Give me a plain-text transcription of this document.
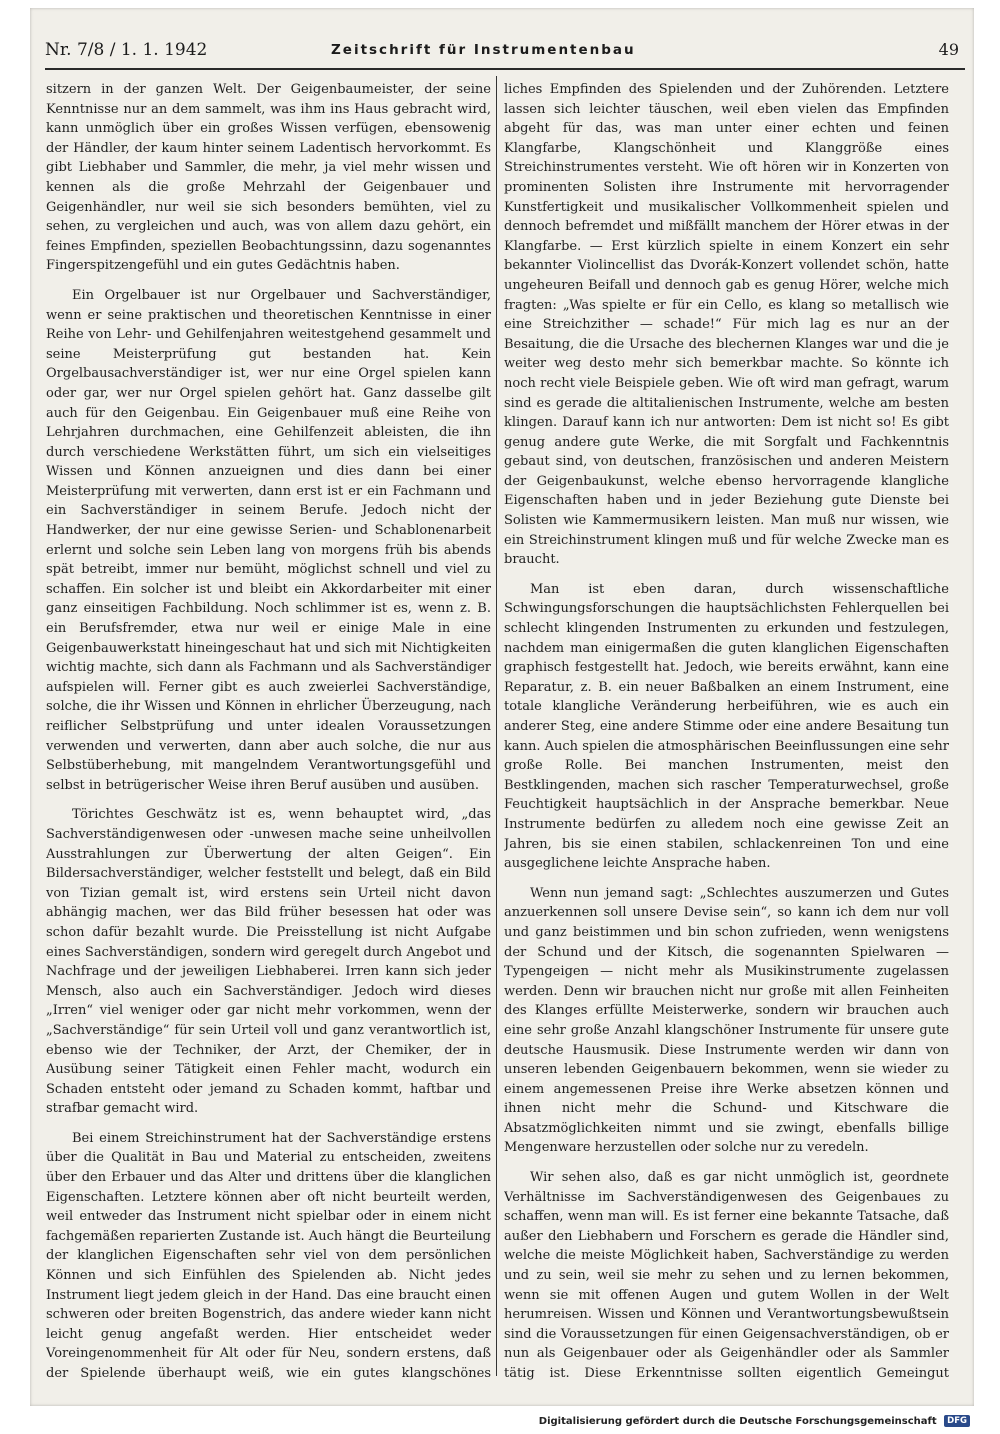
Nr. 7/8 / 1. 1. 1942	Zeitschrift für Instrumentenbau	49

sitzern in der ganzen Welt. Der Geigenbaumeister, der seine Kenntnisse nur an dem sammelt, was ihm ins Haus gebracht wird, kann unmöglich über ein großes Wissen verfügen, ebensowenig der Händler, der kaum hinter seinem Ladentisch hervorkommt. Es gibt Liebhaber und Sammler, die mehr, ja viel mehr wissen und kennen als die große Mehrzahl der Geigenbauer und Geigenhändler, nur weil sie sich besonders bemühten, viel zu sehen, zu vergleichen und auch, was von allem dazu gehört, ein feines Empfinden, speziellen Beobachtungssinn, dazu sogenanntes Fingerspitzengefühl und ein gutes Gedächtnis haben.

Ein Orgelbauer ist nur Orgelbauer und Sachverständiger, wenn er seine praktischen und theoretischen Kenntnisse in einer Reihe von Lehr- und Gehilfenjahren weitestgehend gesammelt und seine Meisterprüfung gut bestanden hat. Kein Orgelbausachverständiger ist, wer nur eine Orgel spielen kann oder gar, wer nur Orgel spielen gehört hat. Ganz dasselbe gilt auch für den Geigenbau. Ein Geigenbauer muß eine Reihe von Lehrjahren durchmachen, eine Gehilfenzeit ableisten, die ihn durch verschiedene Werkstätten führt, um sich ein vielseitiges Wissen und Können anzueignen und dies dann bei einer Meisterprüfung mit verwerten, dann erst ist er ein Fachmann und ein Sachverständiger in seinem Berufe. Jedoch nicht der Handwerker, der nur eine gewisse Serien- und Schablonenarbeit erlernt und solche sein Leben lang von morgens früh bis abends spät betreibt, immer nur bemüht, möglichst schnell und viel zu schaffen. Ein solcher ist und bleibt ein Akkordarbeiter mit einer ganz einseitigen Fachbildung. Noch schlimmer ist es, wenn z. B. ein Berufsfremder, etwa nur weil er einige Male in eine Geigenbauwerkstatt hineingeschaut hat und sich mit Nichtigkeiten wichtig machte, sich dann als Fachmann und als Sachverständiger aufspielen will. Ferner gibt es auch zweierlei Sachverständige, solche, die ihr Wissen und Können in ehrlicher Überzeugung, nach reiflicher Selbstprüfung und unter idealen Voraussetzungen verwenden und verwerten, dann aber auch solche, die nur aus Selbstüberhebung, mit mangelndem Verantwortungsgefühl und selbst in betrügerischer Weise ihren Beruf ausüben und ausüben.

Törichtes Geschwätz ist es, wenn behauptet wird, „das Sachverständigenwesen oder -unwesen mache seine unheilvollen Ausstrahlungen zur Überwertung der alten Geigen“. Ein Bildersachverständiger, welcher feststellt und belegt, daß ein Bild von Tizian gemalt ist, wird erstens sein Urteil nicht davon abhängig machen, wer das Bild früher besessen hat oder was schon dafür bezahlt wurde. Die Preisstellung ist nicht Aufgabe eines Sachverständigen, sondern wird geregelt durch Angebot und Nachfrage und der jeweiligen Liebhaberei. Irren kann sich jeder Mensch, also auch ein Sachverständiger. Jedoch wird dieses „Irren“ viel weniger oder gar nicht mehr vorkommen, wenn der „Sachverständige“ für sein Urteil voll und ganz verantwortlich ist, ebenso wie der Techniker, der Arzt, der Chemiker, der in Ausübung seiner Tätigkeit einen Fehler macht, wodurch ein Schaden entsteht oder jemand zu Schaden kommt, haftbar und strafbar gemacht wird.

Bei einem Streichinstrument hat der Sachverständige erstens über die Qualität in Bau und Material zu entscheiden, zweitens über den Erbauer und das Alter und drittens über die klanglichen Eigenschaften. Letztere können aber oft nicht beurteilt werden, weil entweder das Instrument nicht spielbar oder in einem nicht fachgemäßen reparierten Zustande ist. Auch hängt die Beurteilung der klanglichen Eigenschaften sehr viel von dem persönlichen Können und sich Einfühlen des Spielenden ab. Nicht jedes Instrument liegt jedem gleich in der Hand. Das eine braucht einen schweren oder breiten Bogenstrich, das andere wieder kann nicht leicht genug angefaßt werden. Hier entscheidet weder Voreingenommenheit für Alt oder für Neu, sondern erstens, daß der Spielende überhaupt weiß, wie ein gutes klangschönes

liches Empfinden des Spielenden und der Zuhörenden. Letztere lassen sich leichter täuschen, weil eben vielen das Empfinden abgeht für das, was man unter einer echten und feinen Klangfarbe, Klangschönheit und Klanggröße eines Streichinstrumentes versteht. Wie oft hören wir in Konzerten von prominenten Solisten ihre Instrumente mit hervorragender Kunstfertigkeit und musikalischer Vollkommenheit spielen und dennoch befremdet und mißfällt manchem der Hörer etwas in der Klangfarbe. — Erst kürzlich spielte in einem Konzert ein sehr bekannter Violincellist das Dvorák-Konzert vollendet schön, hatte ungeheuren Beifall und dennoch gab es genug Hörer, welche mich fragten: „Was spielte er für ein Cello, es klang so metallisch wie eine Streichzither — schade!“ Für mich lag es nur an der Besaitung, die die Ursache des blechernen Klanges war und die je weiter weg desto mehr sich bemerkbar machte. So könnte ich noch recht viele Beispiele geben. Wie oft wird man gefragt, warum sind es gerade die altitalienischen Instrumente, welche am besten klingen. Darauf kann ich nur antworten: Dem ist nicht so! Es gibt genug andere gute Werke, die mit Sorgfalt und Fachkenntnis gebaut sind, von deutschen, französischen und anderen Meistern der Geigenbaukunst, welche ebenso hervorragende klangliche Eigenschaften haben und in jeder Beziehung gute Dienste bei Solisten wie Kammermusikern leisten. Man muß nur wissen, wie ein Streichinstrument klingen muß und für welche Zwecke man es braucht.

Man ist eben daran, durch wissenschaftliche Schwingungsforschungen die hauptsächlichsten Fehlerquellen bei schlecht klingenden Instrumenten zu erkunden und festzulegen, nachdem man einigermaßen die guten klanglichen Eigenschaften graphisch festgestellt hat. Jedoch, wie bereits erwähnt, kann eine Reparatur, z. B. ein neuer Baßbalken an einem Instrument, eine totale klangliche Veränderung herbeiführen, wie es auch ein anderer Steg, eine andere Stimme oder eine andere Besaitung tun kann. Auch spielen die atmosphärischen Beeinflussungen eine sehr große Rolle. Bei manchen Instrumenten, meist den Bestklingenden, machen sich rascher Temperaturwechsel, große Feuchtigkeit hauptsächlich in der Ansprache bemerkbar. Neue Instrumente bedürfen zu alledem noch eine gewisse Zeit an Jahren, bis sie einen stabilen, schlackenreinen Ton und eine ausgeglichene leichte Ansprache haben.

Wenn nun jemand sagt: „Schlechtes auszumerzen und Gutes anzuerkennen soll unsere Devise sein“, so kann ich dem nur voll und ganz beistimmen und bin schon zufrieden, wenn wenigstens der Schund und der Kitsch, die sogenannten Spielwaren — Typengeigen — nicht mehr als Musikinstrumente zugelassen werden. Denn wir brauchen nicht nur große mit allen Feinheiten des Klanges erfüllte Meisterwerke, sondern wir brauchen auch eine sehr große Anzahl klangschöner Instrumente für unsere gute deutsche Hausmusik. Diese Instrumente werden wir dann von unseren lebenden Geigenbauern bekommen, wenn sie wieder zu einem angemessenen Preise ihre Werke absetzen können und ihnen nicht mehr die Schund- und Kitschware die Absatzmöglichkeiten nimmt und sie zwingt, ebenfalls billige Mengenware herzustellen oder solche nur zu veredeln.

Wir sehen also, daß es gar nicht unmöglich ist, geordnete Verhältnisse im Sachverständigenwesen des Geigenbaues zu schaffen, wenn man will. Es ist ferner eine bekannte Tatsache, daß außer den Liebhabern und Forschern es gerade die Händler sind, welche die meiste Möglichkeit haben, Sachverständige zu werden und zu sein, weil sie mehr zu sehen und zu lernen bekommen, wenn sie mit offenen Augen und gutem Wollen in der Welt herumreisen. Wissen und Können und Verantwortungsbewußtsein sind die Voraussetzungen für einen Geigensachverständigen, ob er nun als Geigenbauer oder als Geigenhändler oder als Sammler tätig ist. Diese Erkenntnisse sollten eigentlich Gemeingut

Digitalisierung gefördert durch die Deutsche Forschungsgemeinschaft DFG
